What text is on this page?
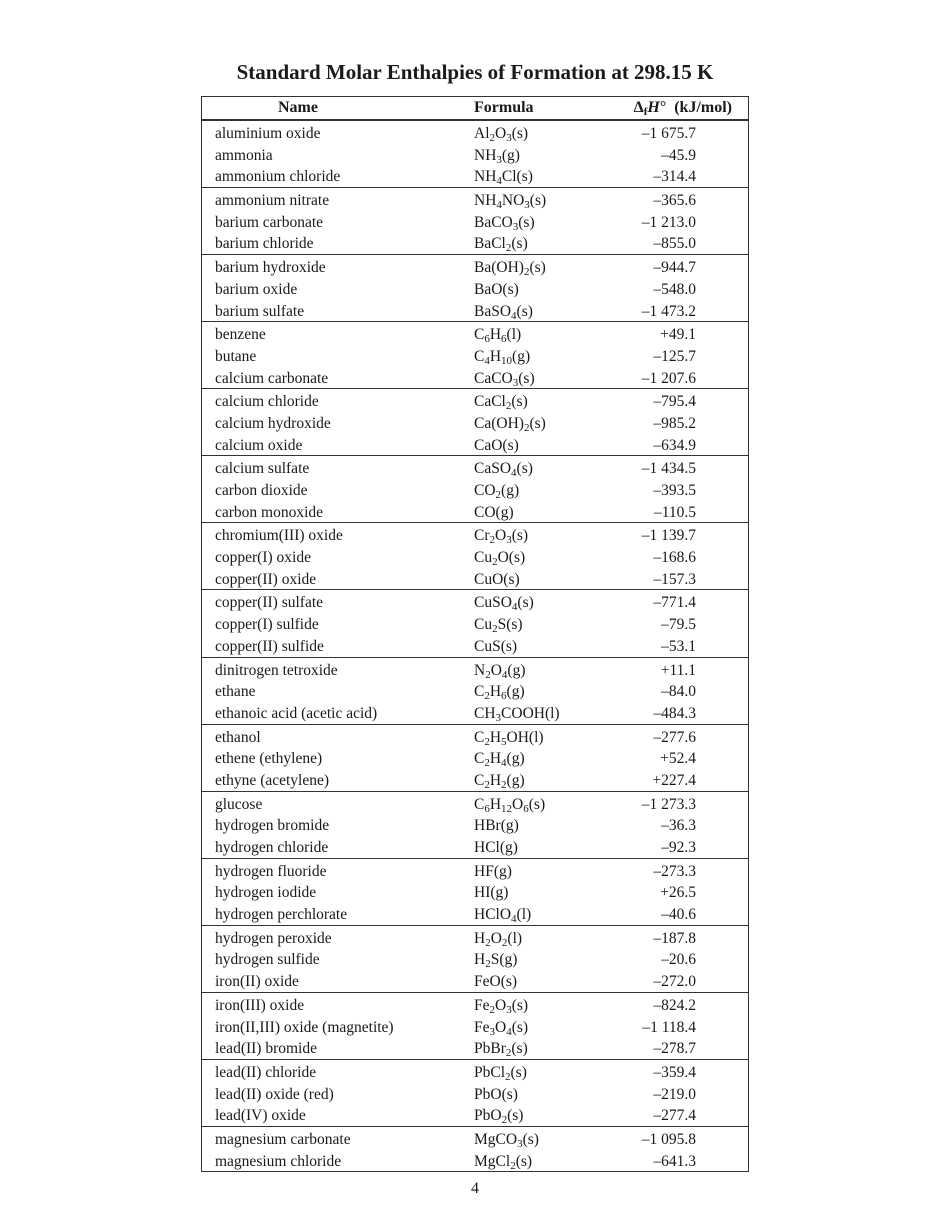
Standard Molar Enthalpies of Formation at 298.15 K
Name	Formula	$\Delta_fH^\circ$  (kJ/mol)
aluminium oxide	$Al_2O_3(s)$	–1 675.7
ammonia	$NH_3(g)$	–45.9
ammonium chloride	$NH_4Cl(s)$	–314.4
ammonium nitrate	$NH_4NO_3(s)$	–365.6
barium carbonate	BaCO$_3$(s)	–1 213.0
barium chloride	BaCl$_2$(s)	–855.0
barium hydroxide	$Ba(OH)_2(s)$	–944.7
barium oxide	BaO(s)	–548.0
barium sulfate	BaSO$_4$(s)	–1 473.2
benzene	$C_6H_6(l)$	+49.1
butane	$C_4H_{10}(g)$	–125.7
calcium carbonate	CaCO$_3$(s)	–1 207.6
calcium chloride	CaCl$_2$(s)	–795.4
calcium hydroxide	$Ca(OH)_2(s)$	–985.2
calcium oxide	CaO(s)	–634.9
calcium sulfate	CaSO$_4$(s)	–1 434.5
carbon dioxide	$CO_2(g)$	–393.5
carbon monoxide	CO(g)	–110.5
chromium(III) oxide	$Cr_2O_3(s)$	–1 139.7
copper(I) oxide	$Cu_2O(s)$	–168.6
copper(II) oxide	CuO(s)	–157.3
copper(II) sulfate	CuSO$_4$(s)	–771.4
copper(I) sulfide	$Cu_2S(s)$	–79.5
copper(II) sulfide	CuS(s)	–53.1
dinitrogen tetroxide	$N_2O_4(g)$	+11.1
ethane	$C_2H_6(g)$	–84.0
ethanoic acid (acetic acid)	$CH_3COOH(l)$	–484.3
ethanol	$C_2H_5OH(l)$	–277.6
ethene (ethylene)	$C_2H_4(g)$	+52.4
ethyne (acetylene)	$C_2H_2(g)$	+227.4
glucose	$C_6H_{12}O_6(s)$	–1 273.3
hydrogen bromide	HBr(g)	–36.3
hydrogen chloride	HCl(g)	–92.3
hydrogen fluoride	HF(g)	–273.3
hydrogen iodide	HI(g)	+26.5
hydrogen perchlorate	HClO$_4$(l)	–40.6
hydrogen peroxide	$H_2O_2(l)$	–187.8
hydrogen sulfide	$H_2S(g)$	–20.6
iron(II) oxide	FeO(s)	–272.0
iron(III) oxide	$Fe_2O_3(s)$	–824.2
iron(II,III) oxide (magnetite)	$Fe_3O_4(s)$	–1 118.4
lead(II) bromide	PbBr$_2$(s)	–278.7
lead(II) chloride	PbCl$_2$(s)	–359.4
lead(II) oxide (red)	PbO(s)	–219.0
lead(IV) oxide	PbO$_2$(s)	–277.4
magnesium carbonate	MgCO$_3$(s)	–1 095.8
magnesium chloride	MgCl$_2$(s)	–641.3
4
